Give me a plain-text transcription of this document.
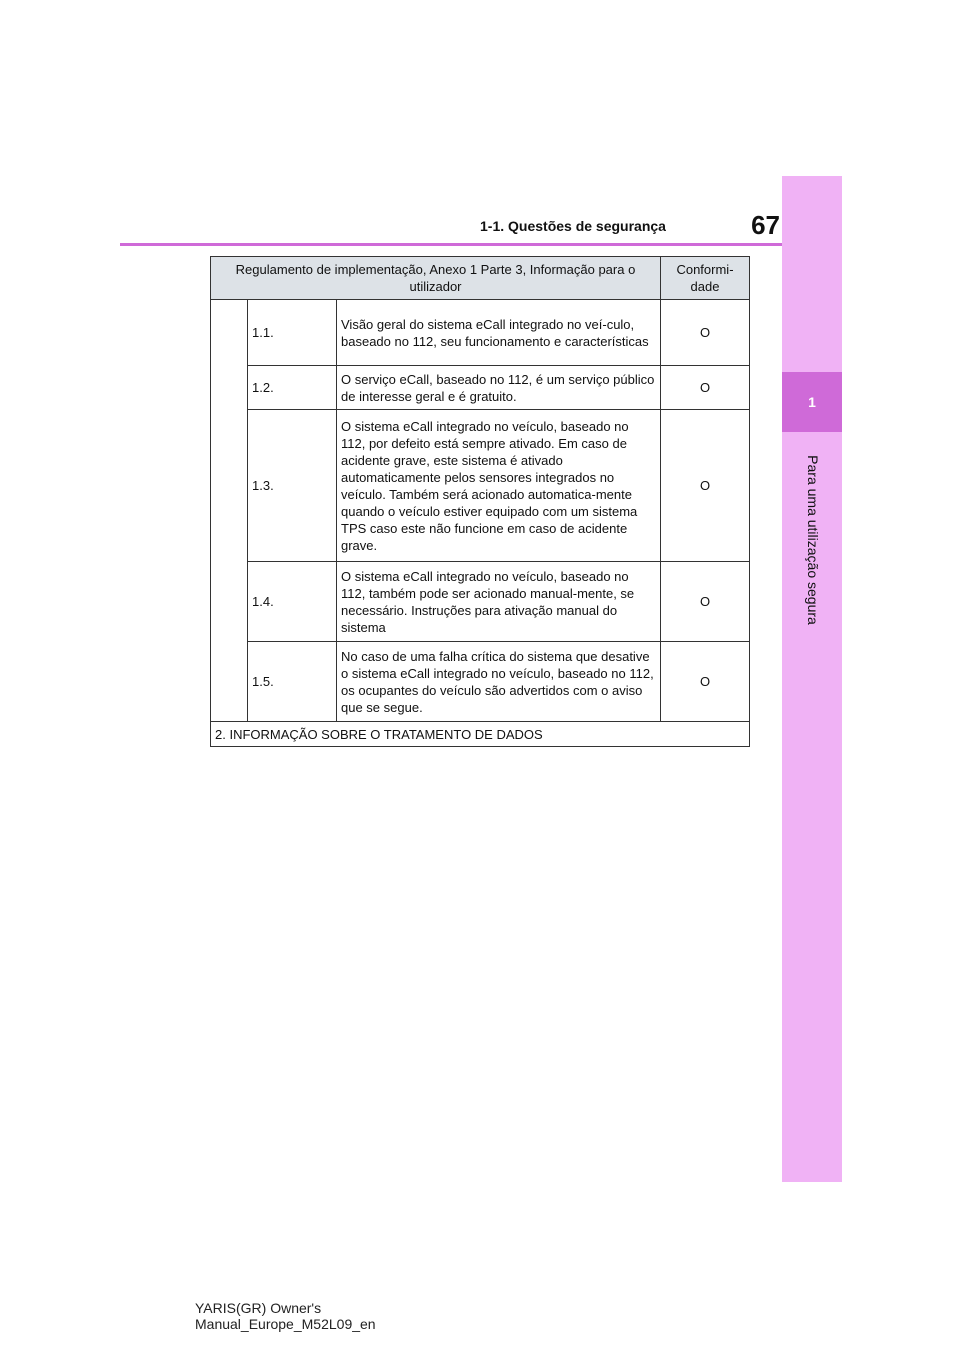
1
Para uma utilização segura
67
1-1. Questões de segurança
Regulamento de implementação, Anexo 1 Parte 3, Informação para o utilizador			Conformi-dade
	1.1.	Visão geral do sistema eCall integrado no veí-culo, baseado no 112, seu funcionamento e características	O
	1.2.	O serviço eCall, baseado no 112, é um serviço público de interesse geral e é gratuito.	O
	1.3.	O sistema eCall integrado no veículo, baseado no 112, por defeito está sempre ativado. Em caso de acidente grave, este sistema é ativado automaticamente pelos sensores integrados no veículo. Também será acionado automatica-mente quando o veículo estiver equipado com um sistema TPS caso este não funcione em caso de acidente grave.	O
	1.4.	O sistema eCall integrado no veículo, baseado no 112, também pode ser acionado manual-mente, se necessário. Instruções para ativação manual do sistema	O
	1.5.	No caso de uma falha crítica do sistema que desative o sistema eCall integrado no veículo, baseado no 112, os ocupantes do veículo são advertidos com o aviso que se segue.	O
2. INFORMAÇÃO SOBRE O TRATAMENTO DE DADOS			
YARIS(GR) Owner's Manual_Europe_M52L09_en
